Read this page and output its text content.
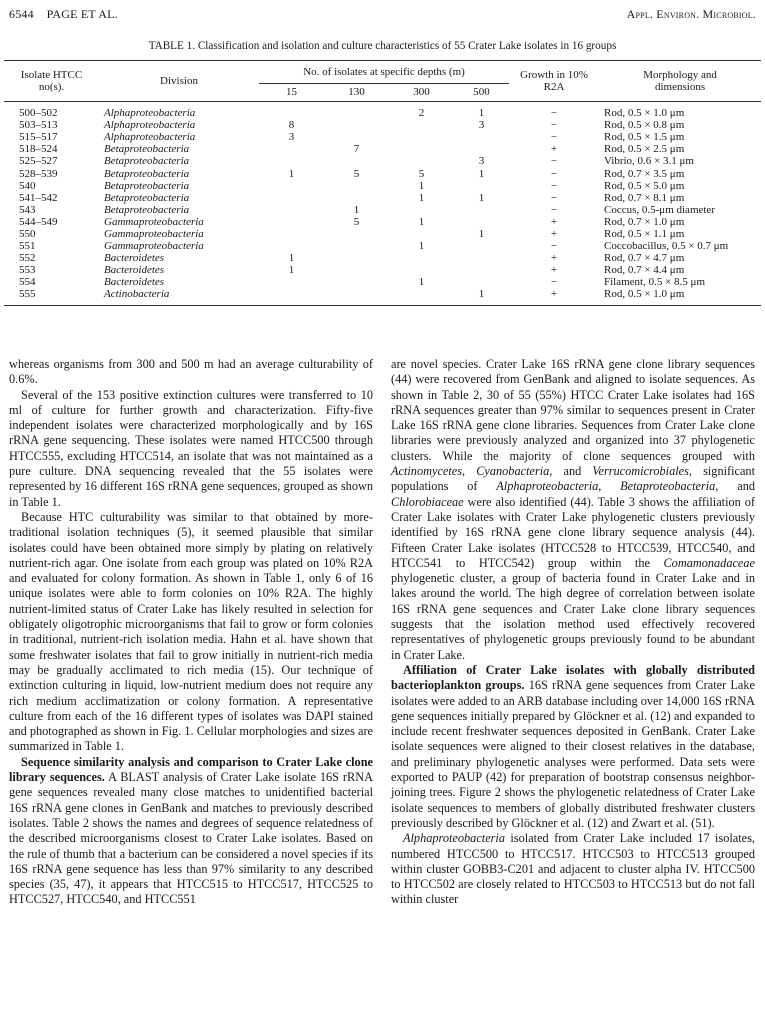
6544 PAGE ET AL.	Appl. Environ. Microbiol.
TABLE 1. Classification and isolation and culture characteristics of 55 Crater Lake isolates in 16 groups
Isolate HTCC no(s).	Division	No. of isolates at specific depths (m)				Growth in 10% R2A	Morphology and dimensions

		15	130	300	500		
500–502	Alphaproteobacteria			2	1	−	Rod, 0.5 × 1.0 μm
503–513	Alphaproteobacteria	8			3	−	Rod, 0.5 × 0.8 μm
515–517	Alphaproteobacteria	3				−	Rod, 0.5 × 1.5 μm
518–524	Betaproteobacteria		7			+	Rod, 0.5 × 2.5 μm
525–527	Betaproteobacteria				3	−	Vibrio, 0.6 × 3.1 μm
528–539	Betaproteobacteria	1	5	5	1	−	Rod, 0.7 × 3.5 μm
540	Betaproteobacteria			1		−	Rod, 0.5 × 5.0 μm
541–542	Betaproteobacteria			1	1	−	Rod, 0.7 × 8.1 μm
543	Betaproteobacteria		1			−	Coccus, 0.5-μm diameter
544–549	Gammaproteobacteria		5	1		+	Rod, 0.7 × 1.0 μm
550	Gammaproteobacteria				1	+	Rod, 0.5 × 1.1 μm
551	Gammaproteobacteria			1		−	Coccobacillus, 0.5 × 0.7 μm
552	Bacteroidetes	1				+	Rod, 0.7 × 4.7 μm
553	Bacteroidetes	1				+	Rod, 0.7 × 4.4 μm
554	Bacteroidetes			1		−	Filament, 0.5 × 8.5 μm
555	Actinobacteria				1	+	Rod, 0.5 × 1.0 μm

whereas organisms from 300 and 500 m had an average culturability of 0.6%.

Several of the 153 positive extinction cultures were transferred to 10 ml of culture for further growth and characterization. Fifty-five independent isolates were characterized morphologically and by 16S rRNA gene sequencing. These isolates were named HTCC500 through HTCC555, excluding HTCC514, an isolate that was not maintained as a pure culture. DNA sequencing revealed that the 55 isolates were represented by 16 different 16S rRNA gene sequences, grouped as shown in Table 1.

Because HTC culturability was similar to that obtained by more-traditional isolation techniques (5), it seemed plausible that similar isolates could have been obtained more simply by plating on relatively nutrient-rich agar. One isolate from each group was plated on 10% R2A and evaluated for colony formation. As shown in Table 1, only 6 of 16 unique isolates were able to form colonies on 10% R2A. The highly nutrient-limited status of Crater Lake has likely resulted in selection for obligately oligotrophic microorganisms that fail to grow or form colonies in traditional, nutrient-rich isolation media. Hahn et al. have shown that some freshwater isolates that fail to grow initially in nutrient-rich media may be gradually acclimated to rich media (15). Our technique of extinction culturing in liquid, low-nutrient medium does not require any rich medium acclimatization or colony formation. A representative culture from each of the 16 different types of isolates was DAPI stained and photographed as shown in Fig. 1. Cellular morphologies and sizes are summarized in Table 1.

Sequence similarity analysis and comparison to Crater Lake clone library sequences. A BLAST analysis of Crater Lake isolate 16S rRNA gene sequences revealed many close matches to unidentified bacterial 16S rRNA gene clones in GenBank and matches to previously described isolates. Table 2 shows the names and degrees of sequence relatedness of the described microorganisms closest to Crater Lake isolates. Based on the rule of thumb that a bacterium can be considered a novel species if its 16S rRNA gene sequence has less than 97% similarity to any described species (35, 47), it appears that HTCC515 to HTCC517, HTCC525 to HTCC527, HTCC540, and HTCC551

are novel species. Crater Lake 16S rRNA gene clone library sequences (44) were recovered from GenBank and aligned to isolate sequences. As shown in Table 2, 30 of 55 (55%) HTCC Crater Lake isolates had 16S rRNA sequences greater than 97% similar to sequences present in Crater Lake 16S rRNA gene clone libraries. Sequences from Crater Lake clone libraries were previously analyzed and organized into 37 phylogenetic clusters. While the majority of clone sequences grouped with Actinomycetes, Cyanobacteria, and Verrucomicrobiales, significant populations of Alphaproteobacteria, Betaproteobacteria, and Chlorobiaceae were also identified (44). Table 3 shows the affiliation of Crater Lake isolates with Crater Lake phylogenetic clusters previously identified by 16S rRNA gene clone library sequence analysis (44). Fifteen Crater Lake isolates (HTCC528 to HTCC539, HTCC540, and HTCC541 to HTCC542) group within the Comamonadaceae phylogenetic cluster, a group of bacteria found in Crater Lake and in lakes around the world. The high degree of correlation between isolate 16S rRNA gene sequences and Crater Lake clone library sequences suggests that the isolation method used effectively recovered representatives of phylogenetic groups previously found to be abundant in Crater Lake.

Affiliation of Crater Lake isolates with globally distributed bacterioplankton groups. 16S rRNA gene sequences from Crater Lake isolates were added to an ARB database including over 14,000 16S rRNA gene sequences initially prepared by Glöckner et al. (12) and expanded to include recent freshwater sequences deposited in GenBank. Crater Lake isolate sequences were aligned to their closest relatives in the database, and preliminary phylogenetic analyses were performed. Data sets were exported to PAUP (42) for preparation of bootstrap consensus neighbor-joining trees. Figure 2 shows the phylogenetic relatedness of Crater Lake isolate sequences to members of globally distributed freshwater clusters previously described by Glöckner et al. (12) and Zwart et al. (51).

Alphaproteobacteria isolated from Crater Lake included 17 isolates, numbered HTCC500 to HTCC517. HTCC503 to HTCC513 grouped within cluster GOBB3-C201 and adjacent to cluster alpha IV. HTCC500 to HTCC502 are closely related to HTCC503 to HTCC513 but do not fall within cluster
